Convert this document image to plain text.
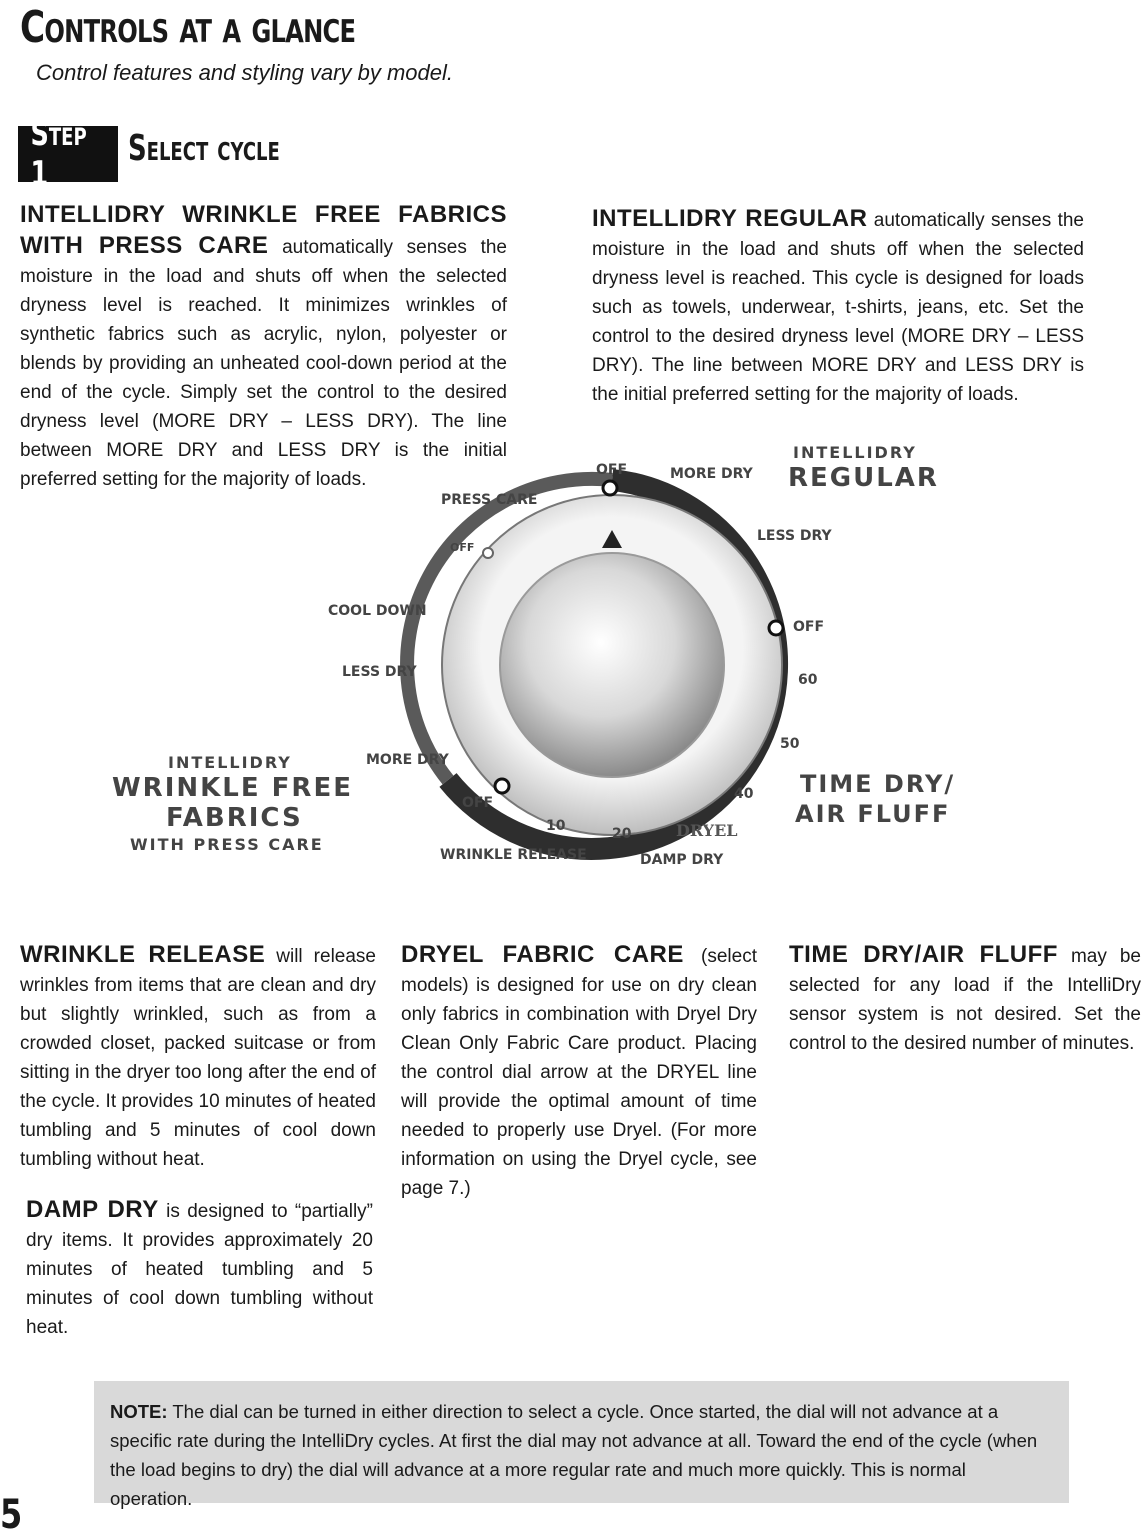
Controls at a glance
Control features and styling vary by model.
Step 1
Select cycle
INTELLIDRY WRINKLE FREE FABRICS WITH PRESS CARE automatically senses the moisture in the load and shuts off when the selected dryness level is reached. It minimizes wrinkles of synthetic fabrics such as acrylic, nylon, polyester or blends by providing an unheated cool-down period at the end of the cycle. Simply set the control to the desired dryness level (MORE DRY – LESS DRY). The line between MORE DRY and LESS DRY is the initial preferred setting for the majority of loads.
INTELLIDRY REGULAR automatically senses the moisture in the load and shuts off when the selected dryness level is reached. This cycle is designed for loads such as towels, underwear, t-shirts, jeans, etc. Set the control to the desired dryness level (MORE DRY – LESS DRY). The line between MORE DRY and LESS DRY is the initial preferred setting for the majority of loads.
INTELLIDRY
REGULAR
INTELLIDRY
WRINKLE FREE
FABRICS
WITH PRESS CARE
TIME DRY/
AIR FLUFF
OFF	MORE DRY
LESS DRY
OFF
60
50
40
DRYEL
DAMP DRY
20
10
WRINKLE RELEASE
OFF
MORE DRY
LESS DRY
COOL DOWN
OFF
PRESS CARE
WRINKLE RELEASE will release wrinkles from items that are clean and dry but slightly wrinkled, such as from a crowded closet, packed suitcase or from sitting in the dryer too long after the end of the cycle. It provides 10 minutes of heated tumbling and 5 minutes of cool down tumbling without heat.
DAMP DRY is designed to “partially” dry items. It provides approximately 20 minutes of heated tumbling and 5 minutes of cool down tumbling without heat.
DRYEL FABRIC CARE (select models) is designed for use on dry clean only fabrics in combination with Dryel Dry Clean Only Fabric Care product. Placing the control dial arrow at the DRYEL line will provide the optimal amount of time needed to properly use Dryel. (For more information on using the Dryel cycle, see page 7.)
TIME DRY/AIR FLUFF may be selected for any load if the IntelliDry sensor system is not desired. Set the control to the desired number of minutes.
NOTE: The dial can be turned in either direction to select a cycle. Once started, the dial will not advance at a specific rate during the IntelliDry cycles. At first the dial may not advance at all. Toward the end of the cycle (when the load begins to dry) the dial will advance at a more regular rate and much more quickly. This is normal operation.
5
